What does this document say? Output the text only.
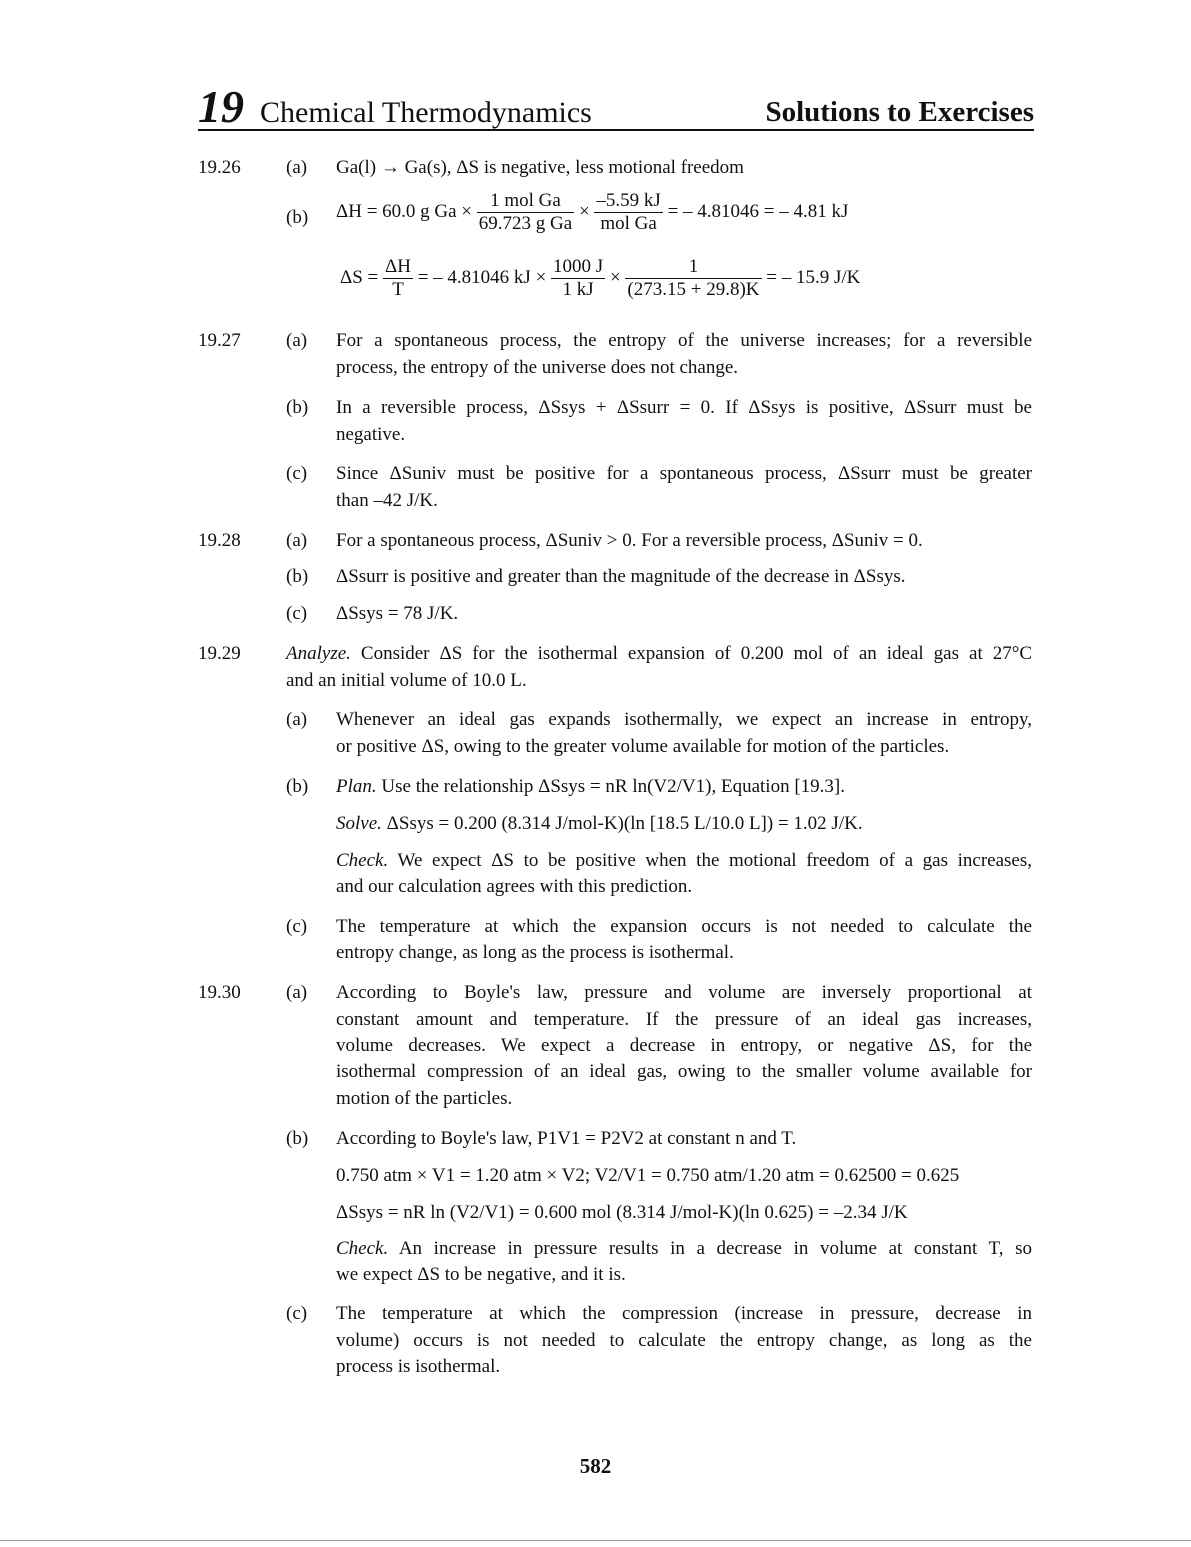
19 Chemical Thermodynamics	Solutions to Exercises
19.26 (a) Ga(l) → Ga(s), ΔS is negative, less motional freedom
(b) ΔH = 60.0 g $Ga \times \frac{\text{1 mol Ga}}{\text{69.723 g Ga}} \times \frac{-5.59 kJ}{\text{mol Ga}}$ = – 4.81046 = – 4.81 kJ
$\Delta S = \frac{\Delta H}{T}$ = – 4.81046 kJ × $\frac{1000 J}{1 kJ} \times \frac{1}{(273.15 + 29.8)K}$ = – 15.9 J/K
19.27 (a) For a spontaneous process, the entropy of the universe increases; for a reversible
process, the entropy of the universe does not change.
(b) In a reversible process, ΔSsys + ΔSsurr = 0. If ΔSsys is positive, ΔSsurr must be
negative.
(c) Since ΔSuniv must be positive for a spontaneous process, ΔSsurr must be greater
than –42 J/K.
19.28 (a) For a spontaneous process, ΔSuniv > 0. For a reversible process, ΔSuniv = 0.
(b) ΔSsurr is positive and greater than the magnitude of the decrease in ΔSsys.
(c) ΔSsys = 78 J/K.
19.29 Analyze. Consider ΔS for the isothermal expansion of 0.200 mol of an ideal gas at 27°C
and an initial volume of 10.0 L.
(a) Whenever an ideal gas expands isothermally, we expect an increase in entropy,
or positive ΔS, owing to the greater volume available for motion of the particles.
(b) Plan. Use the relationship ΔSsys = nR ln(V2/V1), Equation [19.3].
Solve. ΔSsys = 0.200 (8.314 J/mol-K)(ln [18.5 L/10.0 L]) = 1.02 J/K.
Check. We expect ΔS to be positive when the motional freedom of a gas increases,
and our calculation agrees with this prediction.
(c) The temperature at which the expansion occurs is not needed to calculate the
entropy change, as long as the process is isothermal.
19.30 (a) According to Boyle's law, pressure and volume are inversely proportional at
constant amount and temperature. If the pressure of an ideal gas increases,
volume decreases. We expect a decrease in entropy, or negative ΔS, for the
isothermal compression of an ideal gas, owing to the smaller volume available for
motion of the particles.
(b) According to Boyle's law, P1V1 = P2V2 at constant n and T.
0.750 atm × V1 = 1.20 atm × V2; V2/V1 = 0.750 atm/1.20 atm = 0.62500 = 0.625
ΔSsys = nR ln (V2/V1) = 0.600 mol (8.314 J/mol-K)(ln 0.625) = –2.34 J/K
Check. An increase in pressure results in a decrease in volume at constant T, so
we expect ΔS to be negative, and it is.
(c) The temperature at which the compression (increase in pressure, decrease in
volume) occurs is not needed to calculate the entropy change, as long as the
process is isothermal.
582
